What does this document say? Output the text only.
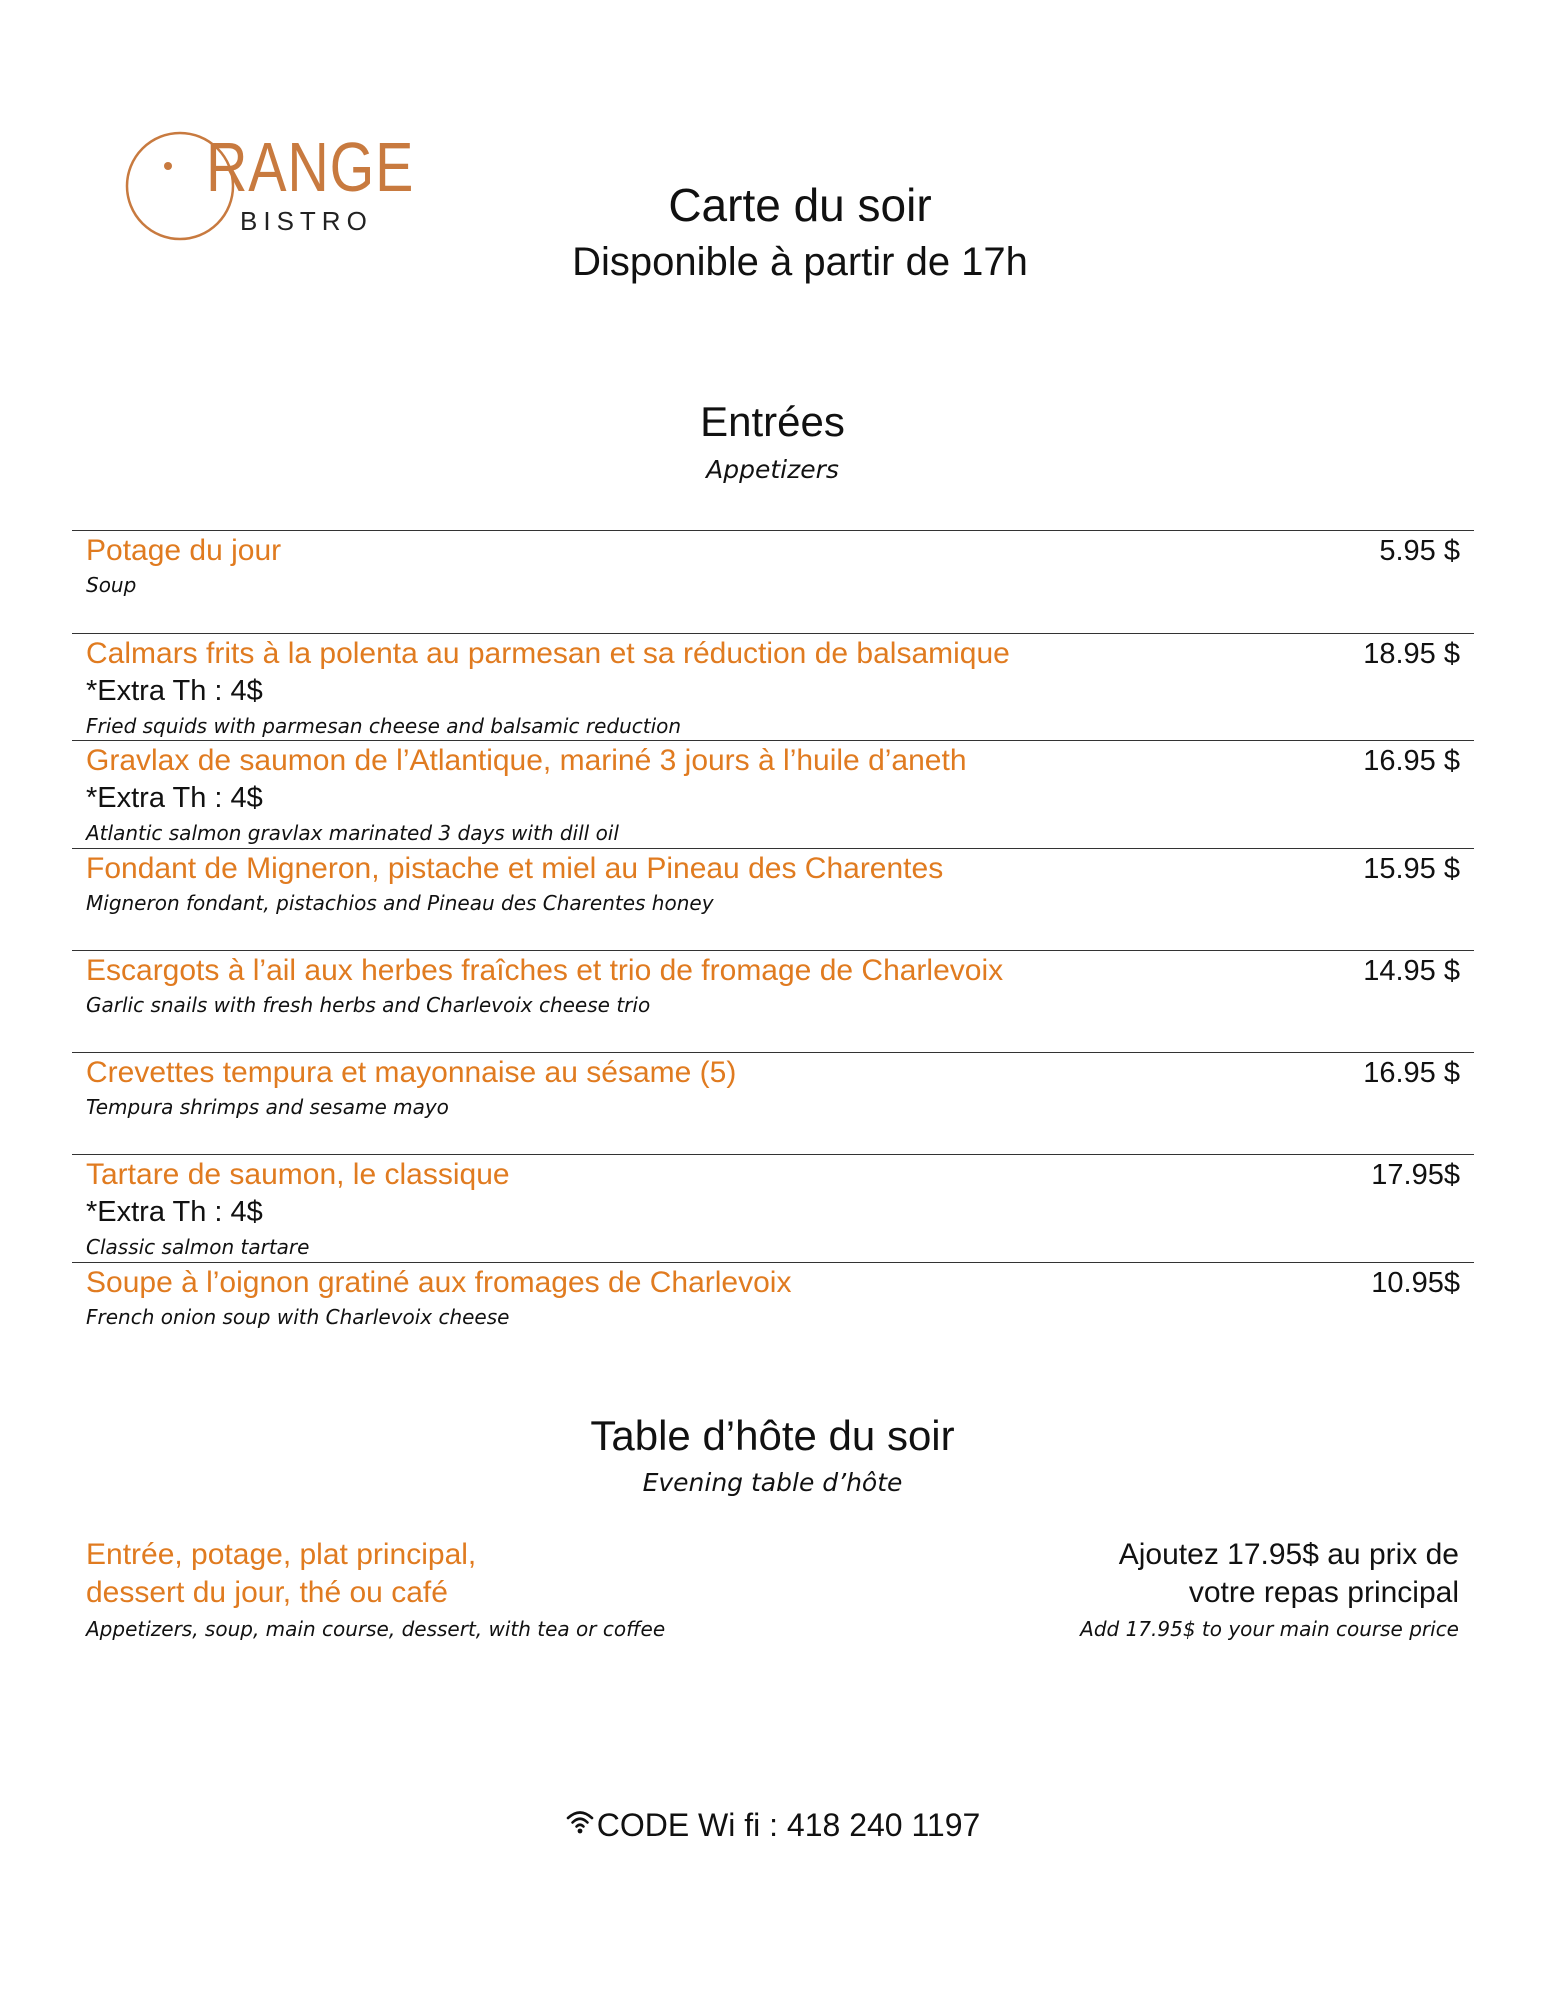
RANGE
BISTRO	Carte du soir
Disponible à partir de 17h
Entrées
Appetizers
Potage du jour
Soup
5.95 $
Calmars frits à la polenta au parmesan et sa réduction de balsamique
*Extra Th : 4$
Fried squids with parmesan cheese and balsamic reduction
18.95 $
Gravlax de saumon de l’Atlantique, mariné 3 jours à l’huile d’aneth
*Extra Th : 4$
Atlantic salmon gravlax marinated 3 days with dill oil
16.95 $
Fondant de Migneron, pistache et miel au Pineau des Charentes
Migneron fondant, pistachios and Pineau des Charentes honey
15.95 $
Escargots à l’ail aux herbes fraîches et trio de fromage de Charlevoix
Garlic snails with fresh herbs and Charlevoix cheese trio
14.95 $
Crevettes tempura et mayonnaise au sésame (5)
Tempura shrimps and sesame mayo
16.95 $
Tartare de saumon, le classique
*Extra Th : 4$
Classic salmon tartare
17.95$
Soupe à l’oignon gratiné aux fromages de Charlevoix
French onion soup with Charlevoix cheese
10.95$
Table d’hôte du soir
Evening table d’hôte
Entrée, potage, plat principal,
dessert du jour, thé ou café
Appetizers, soup, main course, dessert, with tea or coffee
Ajoutez 17.95$ au prix de
votre repas principal
Add 17.95$ to your main course price
CODE Wi fi : 418 240 1197
